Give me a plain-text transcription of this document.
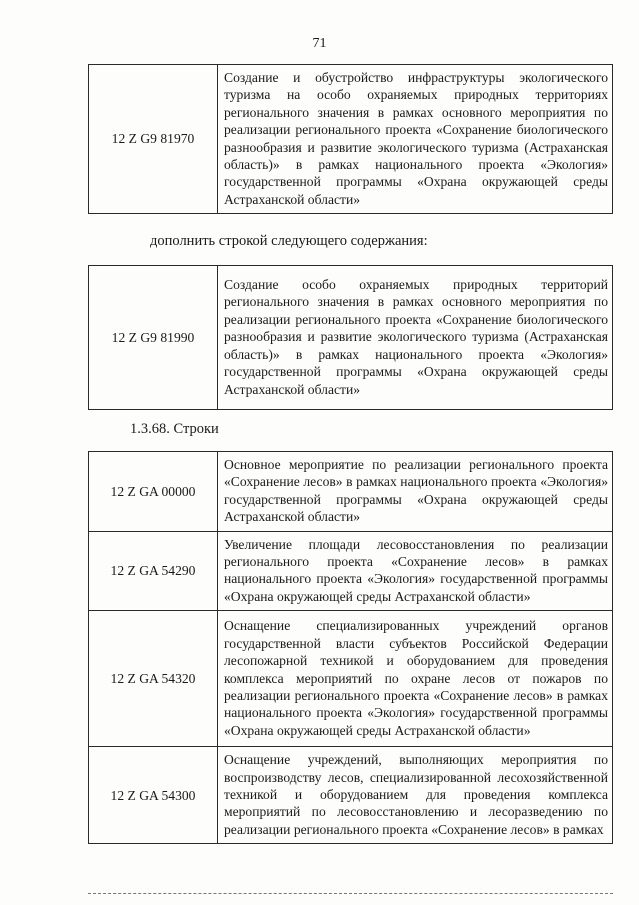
71
12 Z G9 81970	Создание и обустройство инфраструктуры экологического туризма на особо охраняемых природных территориях регионального значения в рамках основного мероприятия по реализации регионального проекта «Сохранение биологического разнообразия и развитие экологического туризма (Астраханская область)» в рамках национального проекта «Экология» государственной программы «Охрана окружающей среды Астраханской области»
дополнить строкой следующего содержания:
12 Z G9 81990	Создание особо охраняемых природных территорий регионального значения в рамках основного мероприятия по реализации регионального проекта «Сохранение биологического разнообразия и развитие экологического туризма (Астраханская область)» в рамках национального проекта «Экология» государственной программы «Охрана окружающей среды Астраханской области»
1.3.68. Строки
12 Z GA 00000	Основное мероприятие по реализации регионального проекта «Сохранение лесов» в рамках национального проекта «Экология» государственной программы «Охрана окружающей среды Астраханской области»
12 Z GA 54290	Увеличение площади лесовосстановления по реализации регионального проекта «Сохранение лесов» в рамках национального проекта «Экология» государственной программы «Охрана окружающей среды Астраханской области»
12 Z GA 54320	Оснащение специализированных учреждений органов государственной власти субъектов Российской Федерации лесопожарной техникой и оборудованием для проведения комплекса мероприятий по охране лесов от пожаров по реализации регионального проекта «Сохранение лесов» в рамках национального проекта «Экология» государственной программы «Охрана окружающей среды Астраханской области»
12 Z GA 54300	Оснащение учреждений, выполняющих мероприятия по воспроизводству лесов, специализированной лесохозяйственной техникой и оборудованием для проведения комплекса мероприятий по лесовосстановлению и лесоразведению по реализации регионального проекта «Сохранение лесов» в рамках
